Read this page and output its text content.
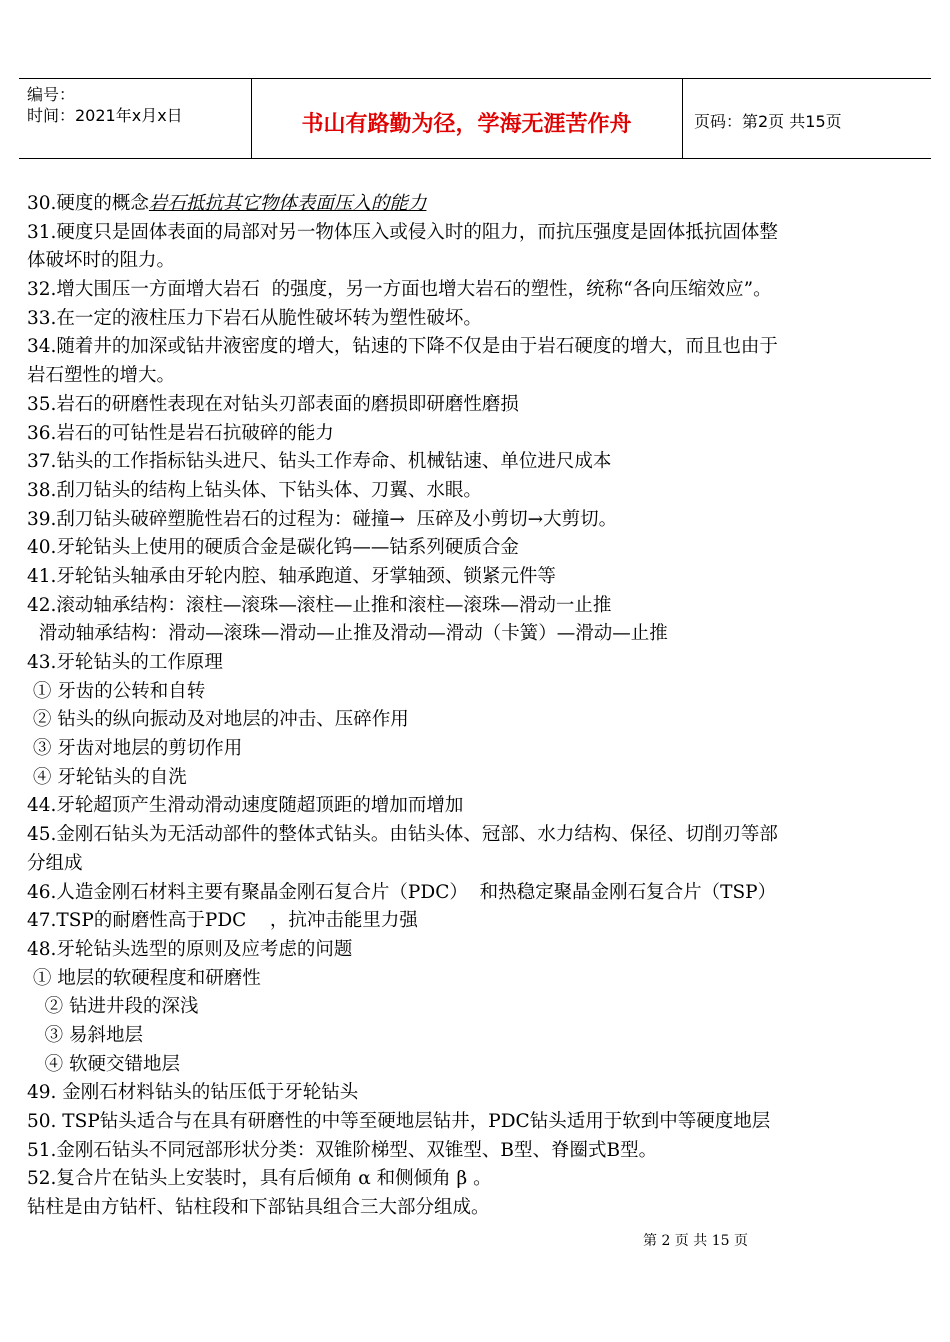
编号：
时间：2021年x月x日	书山有路勤为径，学海无涯苦作舟	页码：第2页 共15页
30.硬度的概念岩石抵抗其它物体表面压入的能力
31.硬度只是固体表面的局部对另一物体压入或侵入时的阻力，而抗压强度是固体抵抗固体整
体破坏时的阻力。
32.增大围压一方面增大岩石  的强度，另一方面也增大岩石的塑性，统称“各向压缩效应”。
33.在一定的液柱压力下岩石从脆性破坏转为塑性破坏。
34.随着井的加深或钻井液密度的增大，钻速的下降不仅是由于岩石硬度的增大，而且也由于
岩石塑性的增大。
35.岩石的研磨性表现在对钻头刃部表面的磨损即研磨性磨损
36.岩石的可钻性是岩石抗破碎的能力
37.钻头的工作指标钻头进尺、钻头工作寿命、机械钻速、单位进尺成本
38.刮刀钻头的结构上钻头体、下钻头体、刀翼、水眼。
39.刮刀钻头破碎塑脆性岩石的过程为：碰撞→  压碎及小剪切→大剪切。
40.牙轮钻头上使用的硬质合金是碳化钨——钴系列硬质合金
41.牙轮钻头轴承由牙轮内腔、轴承跑道、牙掌轴颈、锁紧元件等
42.滚动轴承结构：滚柱—滚珠—滚柱—止推和滚柱—滚珠—滑动一止推
滑动轴承结构：滑动—滚珠—滑动—止推及滑动—滑动（卡簧）—滑动—止推
43.牙轮钻头的工作原理
① 牙齿的公转和自转
② 钻头的纵向振动及对地层的冲击、压碎作用
③ 牙齿对地层的剪切作用
④ 牙轮钻头的自洗
44.牙轮超顶产生滑动滑动速度随超顶距的增加而增加
45.金刚石钻头为无活动部件的整体式钻头。由钻头体、冠部、水力结构、保径、切削刃等部
分组成
46.人造金刚石材料主要有聚晶金刚石复合片（PDC）  和热稳定聚晶金刚石复合片（TSP）
47.TSP的耐磨性高于PDC    ，抗冲击能里力强
48.牙轮钻头选型的原则及应考虑的问题
① 地层的软硬程度和研磨性
② 钻进井段的深浅
③ 易斜地层
④ 软硬交错地层
49. 金刚石材料钻头的钻压低于牙轮钻头
50. TSP钻头适合与在具有研磨性的中等至硬地层钻井，PDC钻头适用于软到中等硬度地层
51.金刚石钻头不同冠部形状分类：双锥阶梯型、双锥型、B型、脊圈式B型。
52.复合片在钻头上安装时，具有后倾角 α 和侧倾角 β 。
钻柱是由方钻杆、钻柱段和下部钻具组合三大部分组成。
第 2 页 共 15 页
